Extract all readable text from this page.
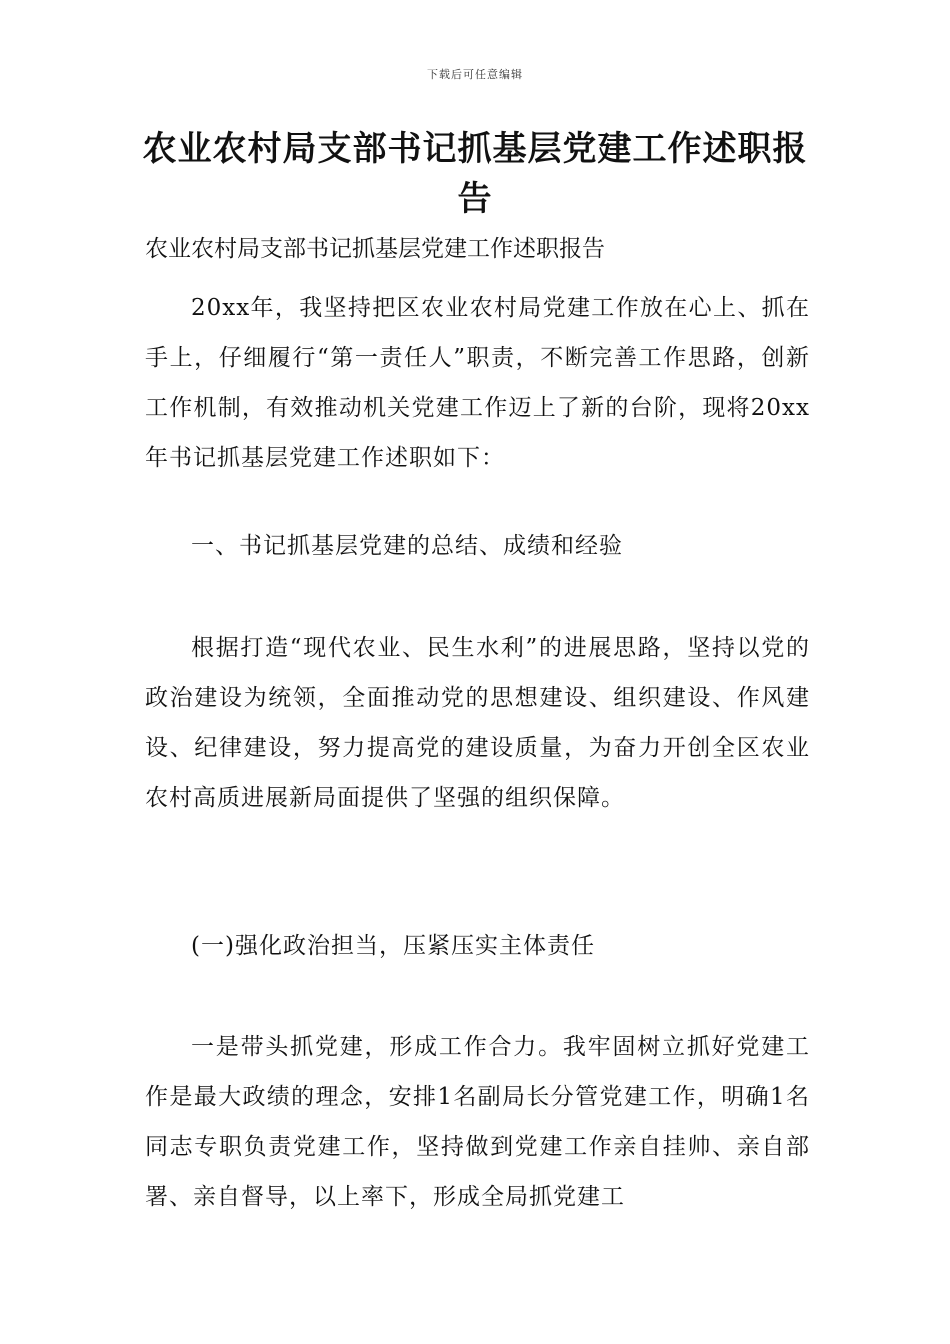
下载后可任意编辑
农业农村局支部书记抓基层党建工作述职报告
农业农村局支部书记抓基层党建工作述职报告
20xx年，我坚持把区农业农村局党建工作放在心上、抓在手上，仔细履行“第一责任人”职责，不断完善工作思路，创新工作机制，有效推动机关党建工作迈上了新的台阶，现将20xx年书记抓基层党建工作述职如下：
一、书记抓基层党建的总结、成绩和经验
根据打造“现代农业、民生水利”的进展思路，坚持以党的政治建设为统领，全面推动党的思想建设、组织建设、作风建设、纪律建设，努力提高党的建设质量，为奋力开创全区农业农村高质进展新局面提供了坚强的组织保障。
(一)强化政治担当，压紧压实主体责任
一是带头抓党建，形成工作合力。我牢固树立抓好党建工作是最大政绩的理念，安排1名副局长分管党建工作，明确1名同志专职负责党建工作，坚持做到党建工作亲自挂帅、亲自部署、亲自督导，以上率下，形成全局抓党建工
